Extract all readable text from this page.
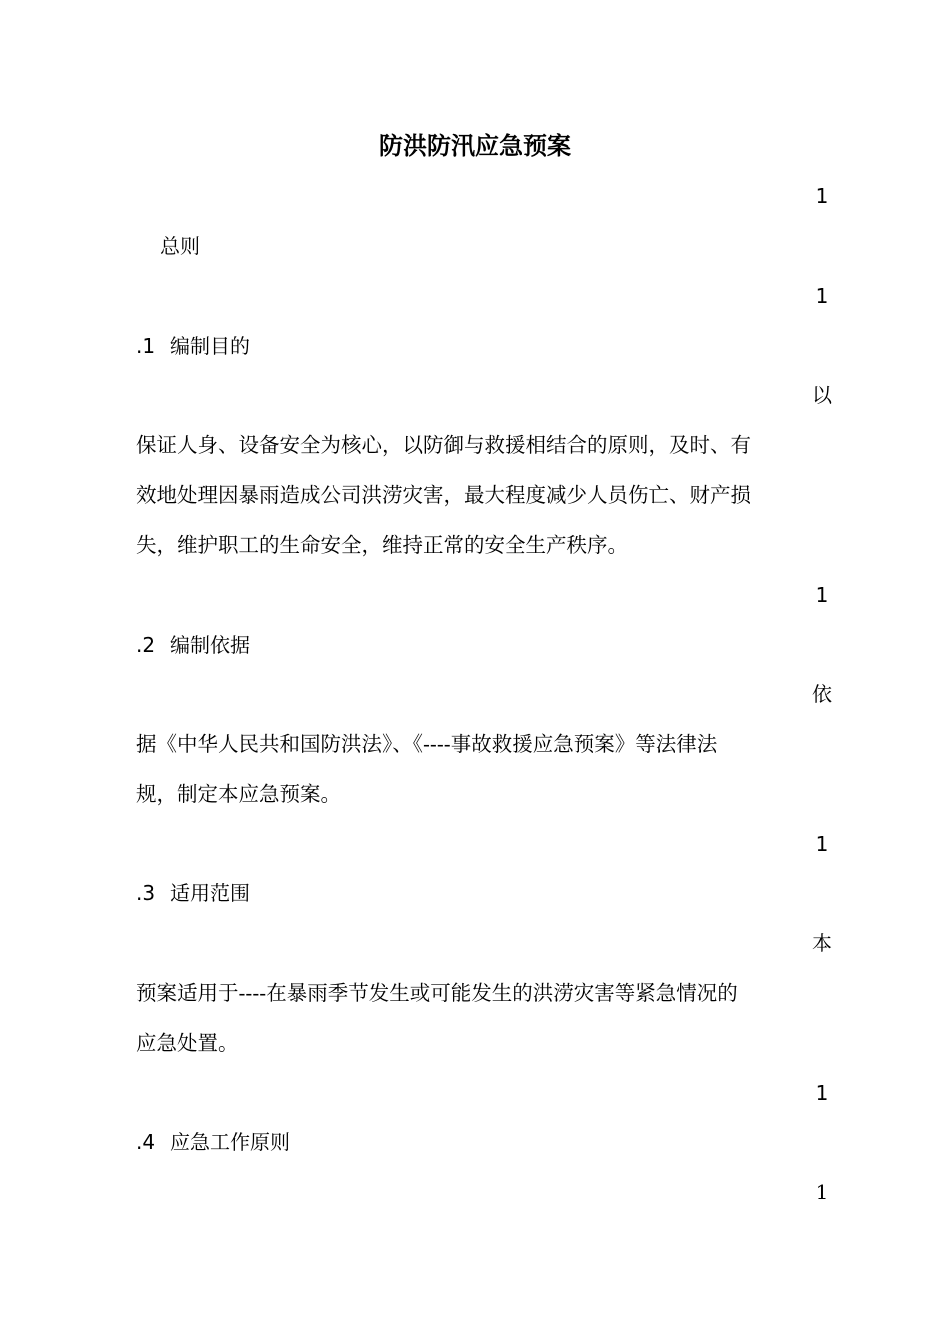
防洪防汛应急预案
1
总则
1
.1 编制目的
以
保证人身、设备安全为核心，以防御与救援相结合的原则，及时、有
效地处理因暴雨造成公司洪涝灾害，最大程度减少人员伤亡、财产损
失，维护职工的生命安全，维持正常的安全生产秩序。
1
.2 编制依据
依
据《中华人民共和国防洪法》、《----事故救援应急预案》等法律法
规，制定本应急预案。
1
.3 适用范围
本
预案适用于----在暴雨季节发生或可能发生的洪涝灾害等紧急情况的
应急处置。
1
.4 应急工作原则
1
